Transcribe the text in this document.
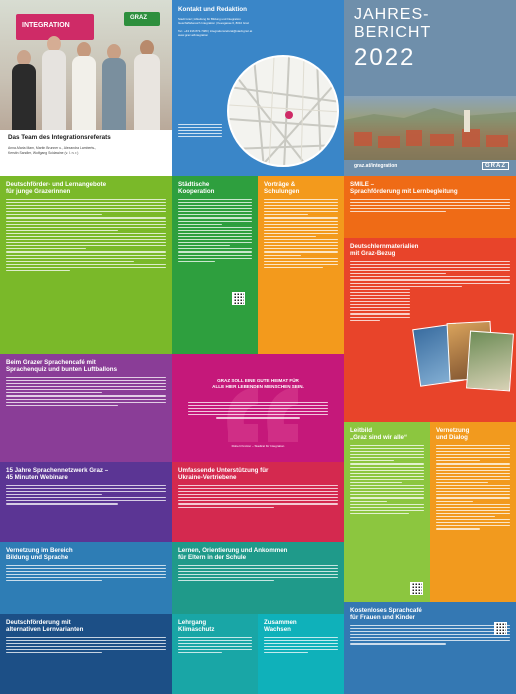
INTEGRATION
GRAZ
Das Team des Integrationsreferats
Anna-Maria Mam, Martin Brunner u., Alexandra Lamberts-,
Kerstin Sandler, Wolfgang Scidawine (v. l. n. r.)
Kontakt und Redaktion
Stadt Graz | Abteilung für Bildung und Integration
Geschäftsbereich Integration | Keesgasse 6, 8010 Graz
Tel.: +43 316 872-7480 | integrationsreferat@stadt.graz.at
www.graz.at/integration
JAHRES-
BERICHT
2022
graz.at/integration	GRAZ
Deutschförder- und Lernangebote
für junge Grazerinnen
Städtische
Kooperation
Vorträge &
Schulungen
SMILE –
Sprachförderung mit Lernbegleitung
Deutschlernmaterialien
mit Graz-Bezug
Beim Grazer Sprachencafé mit
Sprachenquiz und bunten Luftballons
GRAZ SOLL EINE GUTE HEIMAT FÜR
ALLE HIER LEBENDEN MENSCHEN SEIN.
Robert Krotzer – Stadtrat für Integration
15 Jahre Sprachennetzwerk Graz –
45 Minuten Webinare
Umfassende Unterstützung für
Ukraine-Vertriebene
Leitbild
„Graz sind wir alle“
Vernetzung
und Dialog
Vernetzung im Bereich
Bildung und Sprache
Lernen, Orientierung und Ankommen
für Eltern in der Schule
Deutschförderung mit
alternativen Lernvarianten
Lehrgang
Klimaschutz
Zusammen
Wachsen
Kostenloses Sprachcafé
für Frauen und Kinder
